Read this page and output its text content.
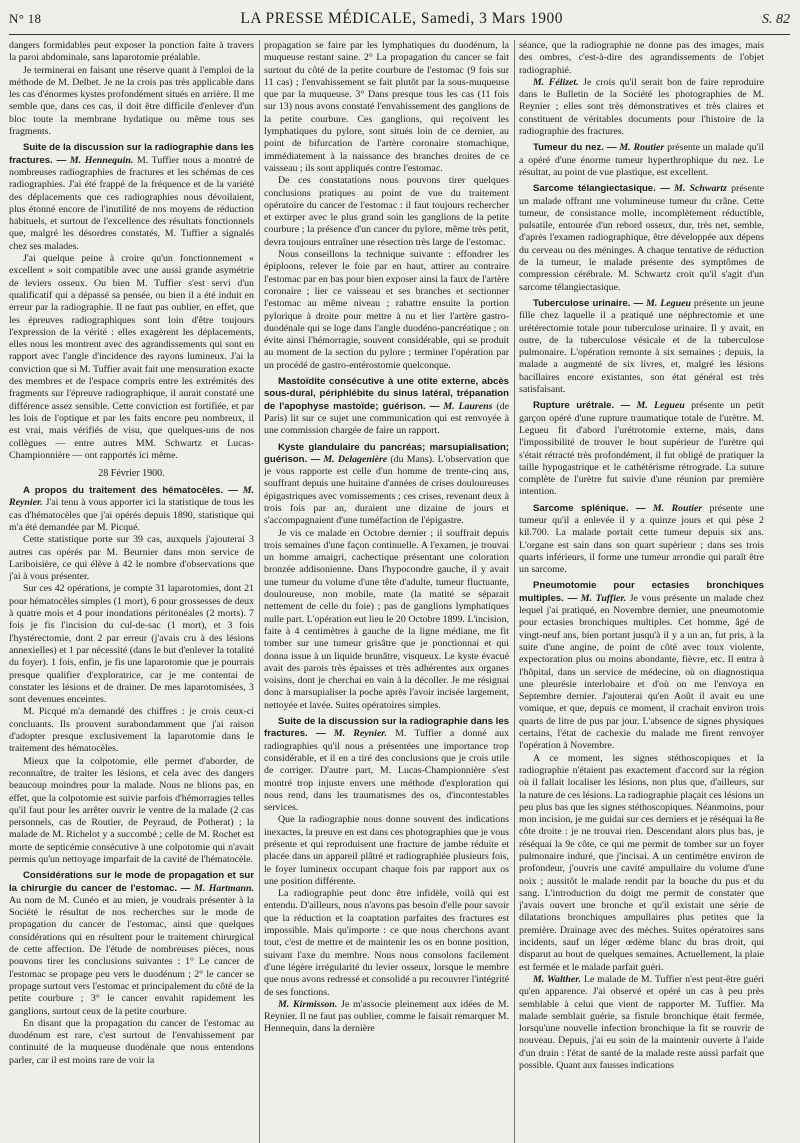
N° 18	LA PRESSE MÉDICALE, Samedi, 3 Mars 1900	S. 82

dangers formidables peut exposer la ponction faite à travers la paroi abdominale, sans laparotomie préalable.

Je terminerai en faisant une réserve quant à l'emploi de la méthode de M. Delbet. Je ne la crois pas très applicable dans les cas d'énormes kystes profondément situés en arrière. Il me semble que, dans ces cas, il doit être difficile d'enlever d'un bloc toute la membrane hydatique ou même tous ses fragments.

Suite de la discussion sur la radiographie dans les fractures. — M. Hennequin. M. Tuffier nous a montré de nombreuses radiographies de fractures et les schémas de ces radiographies. J'ai été frappé de la fréquence et de la variété des déplacements que ces radiographies nous dévoilaient, plus étonné encore de l'inutilité de nos moyens de réduction habituels, et surtout de l'excellence des résultats fonctionnels que, malgré les désordres constatés, M. Tuffier a signalés chez ses malades.

J'ai quelque peine à croire qu'un fonctionnement « excellent » soit compatible avec une aussi grande asymétrie de leviers osseux. Ou bien M. Tuffier s'est servi d'un qualificatif qui a dépassé sa pensée, ou bien il a été induit en erreur par la radiographie. Il ne faut pas oublier, en effet, que les épreuves radiographiques sont loin d'être toujours l'expression de la vérité : elles exagèrent les déplacements, elles nous les montrent avec des agrandissements qui sont en rapport avec l'angle d'incidence des rayons lumineux. J'ai la conviction que si M. Tuffier avait fait une mensuration exacte des membres et de l'espace compris entre les extrémités des fragments sur l'épreuve radiographique, il aurait constaté une différence assez sensible. Cette conviction est fortifiée, et par les lois de l'optique et par les faits encore peu nombreux, il est vrai, mais vérifiés de visu, que quelques-uns de nos collègues — entre autres MM. Schwartz et Lucas-Championnière — ont rapportés ici même.

28 Février 1900.

A propos du traitement des hématocèles. — M. Reynier. J'ai tenu à vous apporter ici la statistique de tous les cas d'hématocèles que j'ai opérés depuis 1890, statistique qui m'a été demandée par M. Picqué.

Cette statistique porte sur 39 cas, auxquels j'ajouterai 3 autres cas opérés par M. Beurnier dans mon service de Lariboisière, ce qui élève à 42 le nombre d'observations que j'ai à vous présenter.

Sur ces 42 opérations, je compte 31 laparotomies, dont 21 pour hématocèles simples (1 mort), 6 pour grossesses de deux à quatre mois et 4 pour inondations péritonéales (2 morts). 7 fois je fis l'incision du cul-de-sac (1 mort), et 3 fois l'hystérectomie, dont 2 par erreur (j'avais cru à des lésions annexielles) et 1 par nécessité (dans le but d'enlever la totalité du foyer). 1 fois, enfin, je fis une laparotomie que je pourrais presque qualifier d'exploratrice, car je me contentai de constater les lésions et de drainer. De mes laparotomisées, 3 sont devenues enceintes.

M. Picqué m'a demandé des chiffres : je crois ceux-ci concluants. Ils prouvent surabondamment que j'ai raison d'adopter presque exclusivement la laparotomie dans le traitement des hématocèles.

Mieux que la colpotomie, elle permet d'aborder, de reconnaître, de traiter les lésions, et cela avec des dangers beaucoup moindres pour la malade. Nous ne blions pas, en effet, que la colpotomie est suivie parfois d'hémorragies telles qu'il faut pour les arrêter ouvrir le ventre de la malade (2 cas personnels, cas de Routier, de Peyraud, de Potherat) ; la malade de M. Richelot y a succombé ; celle de M. Rochet est morte de septicémie consécutive à une colpotomie qui n'avait permis qu'un nettoyage imparfait de la cavité de l'hématocèle.

Considérations sur le mode de propagation et sur la chirurgie du cancer de l'estomac. — M. Hartmann. Au nom de M. Cunéo et au mien, je voudrais présenter à la Société le résultat de nos recherches sur le mode de propagation du cancer de l'estomac, ainsi que quelques considérations qui en résultent pour le traitement chirurgical de cette affection. De l'étude de nombreuses pièces, nous pouvons tirer les conclusions suivantes : 1° Le cancer de l'estomac se propage peu vers le duodénum ; 2° le cancer se propage surtout vers l'estomac et principalement du côté de la petite courbure ; 3° le cancer envahit rapidement les ganglions, surtout ceux de la petite courbure.

En disant que la propagation du cancer de l'estomac au duodénum est rare, c'est surtout de l'envahissement par continuité de la muqueuse duodénale que nous entendons parler, car il est moins rare de voir la

propagation se faire par les lymphatiques du duodénum, la muqueuse restant saine. 2° La propagation du cancer se fait surtout du côté de la petite courbure de l'estomac (9 fois sur 11 cas) ; l'envahissement se fait plutôt par la sous-muqueuse que par la muqueuse. 3° Dans presque tous les cas (11 fois sur 13) nous avons constaté l'envahissement des ganglions de la petite courbure. Ces ganglions, qui reçoivent les lymphatiques du pylore, sont situés loin de ce dernier, au point de bifurcation de l'artère coronaire stomachique, immédiatement à la naissance des branches droites de ce vaisseau ; ils sont appliqués contre l'estomac.

De ces constatations nous pouvons tirer quelques conclusions pratiques au point de vue du traitement opératoire du cancer de l'estomac : il faut toujours rechercher et extirper avec le plus grand soin les ganglions de la petite courbure ; la présence d'un cancer du pylore, même très petit, devra toujours entraîner une résection très large de l'estomac.

Nous conseillons la technique suivante : effondrer les épiploons, relever le foie par en haut, attirer au contraire l'estomac par en bas pour bien exposer ainsi la faux de l'artère coronaire ; lier ce vaisseau et ses branches et sectionner l'estomac au même niveau ; rabattre ensuite la portion pylorique à droite pour mettre à nu et lier l'artère gastro-duodénale qui se loge dans l'angle duodéno-pancréatique ; on évite ainsi l'hémorragie, souvent considérable, qui se produit au moment de la section du pylore ; terminer l'opération par un procédé de gastro-entérostomie quelconque.

Mastoïdite consécutive à une otite externe, abcès sous-dural, périphlébite du sinus latéral, trépanation de l'apophyse mastoïde; guérison. — M. Laurens (de Paris) lit sur ce sujet une communication qui est renvoyée à une commission chargée de faire un rapport.

Kyste glandulaire du pancréas; marsupialisation; guérison. — M. Delagenière (du Mans). L'observation que je vous rapporte est celle d'un homme de trente-cinq ans, souffrant depuis une huitaine d'années de crises douloureuses épigastriques avec vomissements ; ces crises, revenant deux à trois fois par an, duraient une dizaine de jours et s'accompagnaient d'une tuméfaction de l'épigastre.

Je vis ce malade en Octobre dernier ; il souffrait depuis trois semaines d'une façon continuelle. A l'examen, je trouvai un homme amaigri, cachectique présentant une coloration bronzée addisonienne. Dans l'hypocondre gauche, il y avait une tumeur du volume d'une tête d'adulte, tumeur fluctuante, douloureuse, non mobile, mate (la matité se séparait nettement de celle du foie) ; pas de ganglions lymphatiques nulle part. L'opération eut lieu le 20 Octobre 1899. L'incision, faite à 4 centimètres à gauche de la ligne médiane, me fit tomber sur une tumeur grisâtre que je ponctionnai et qui donna issue à un liquide brunâtre, visqueux. Le kyste évacué avait des parois très épaisses et très adhérentes aux organes voisins, dont je cherchai en vain à la décoller. Je me résignai donc à marsupialiser la poche après l'avoir incisée largement, nettoyée et lavée. Suites opératoires simples.

Suite de la discussion sur la radiographie dans les fractures. — M. Reynier. M. Tuffier a donné aux radiographies qu'il nous a présentées une importance trop considérable, et il en a tiré des conclusions que je crois utile de corriger. D'autre part, M. Lucas-Championnière s'est montré trop injuste envers une méthode d'exploration qui nous rend, dans les traumatismes des os, d'incontestables services.

Que la radiographie nous donne souvent des indications inexactes, la preuve en est dans ces photographies que je vous présente et qui reproduisent une fracture de jambe réduite et placée dans un appareil plâtré et radiographiée plusieurs fois, le foyer lumineux occupant chaque fois par rapport aux os une position différente.

La radiographie peut donc être infidèle, voilà qui est entendu. D'ailleurs, nous n'avons pas besoin d'elle pour savoir que la réduction et la coaptation parfaites des fractures est impossible. Mais qu'importe : ce que nous cherchons avant tout, c'est de mettre et de maintenir les os en bonne position, suivant l'axe du membre. Nous nous consolons facilement d'une légère irrégularité du levier osseux, lorsque le membre que nous avons redressé et consolidé a pu recouvrer l'intégrité de ses fonctions.

M. Kirmisson. Je m'associe pleinement aux idées de M. Reynier. Il ne faut pas oublier, comme le faisait remarquer M. Hennequin, dans la dernière

séance, que la radiographie ne donne pas des images, mais des ombres, c'est-à-dire des agrandissements de l'objet radiographié.

M. Félizet. Je crois qu'il serait bon de faire reproduire dans le Bulletin de la Société les photographies de M. Reynier ; elles sont très démonstratives et très claires et constituent de véritables documents pour l'histoire de la radiographie des fractures.

Tumeur du nez. — M. Routier présente un malade qu'il a opéré d'une énorme tumeur hyperthrophique du nez. Le résultat, au point de vue plastique, est excellent.

Sarcome télangiectasique. — M. Schwartz présente un malade offrant une volumineuse tumeur du crâne. Cette tumeur, de consistance molle, incomplètement réductible, pulsatile, entourée d'un rebord osseux, dur, très net, semble, d'après l'examen radiographique, être développée aux dépens du cerveau ou des méninges. A chaque tentative de réduction de la tumeur, le malade présente des symptômes de compression cérébrale. M. Schwartz croit qu'il s'agit d'un sarcome télangiectasique.

Tuberculose urinaire. — M. Legueu présente un jeune fille chez laquelle il a pratiqué une néphrectomie et une urétérectomie totale pour tuberculose urinaire. Il y avait, en outre, de la tuberculose vésicale et de la tuberculose pulmonaire. L'opération remonte à six semaines ; depuis, la malade a augmenté de six livres, et, malgré les lésions bacillaires encore existantes, son état général est très satisfaisant.

Rupture urétrale. — M. Legueu présente un petit garçon opéré d'une rupture traumatique totale de l'urètre. M. Legueu fit d'abord l'urétrotomie externe, mais, dans l'impossibilité de trouver le bout supérieur de l'urètre qui s'était rétracté très profondément, il fut obligé de pratiquer la taille hypogastrique et le cathétérisme rétrograde. La suture complète de l'urètre fut suivie d'une réunion par première intention.

Sarcome splénique. — M. Routier présente une tumeur qu'il a enlevée il y a quinze jours et qui pèse 2 kil.700. La malade portait cette tumeur depuis six ans. L'organe est sain dans son quart supérieur ; dans ses trois quarts inférieurs, il forme une tumeur arrondie qui paraît être un sarcome.

Pneumotomie pour ectasies bronchiques multiples. — M. Tuffier. Je vous présente un malade chez lequel j'ai pratiqué, en Novembre dernier, une pneumotomie pour ectasies bronchiques multiples. Cet homme, âgé de vingt-neuf ans, bien portant jusqu'à il y a un an, fut pris, à la suite d'une angine, de point de côté avec toux violente, expectoration plus ou moins abondante, fièvre, etc. Il entra à l'hôpital, dans un service de médecine, où on diagnostiqua une pleurésie interlobaire et d'où on me l'envoya en Septembre dernier. J'ajouterai qu'en Août il avait eu une vomique, et que, depuis ce moment, il crachait environ trois quarts de litre de pus par jour. L'absence de signes physiques certains, l'état de cachexie du malade me firent renvoyer l'opération à Novembre.

A ce moment, les signes stéthoscopiques et la radiographie n'étaient pas exactement d'accord sur la région où il fallait localiser les lésions, non plus que, d'ailleurs, sur la nature de ces lésions. La radiographie plaçait ces lésions un peu plus bas que les signes stéthoscopiques. Néanmoins, pour mon incision, je me guidai sur ces derniers et je réséquai la 8e côte droite : je ne trouvai rien. Descendant alors plus bas, je réséquai la 9e côte, ce qui me permit de tomber sur un foyer pulmonaire induré, que j'incisai. A un centimètre environ de profondeur, j'ouvris une cavité ampullaire du volume d'une noix ; aussitôt le malade rendit par la bouche du pus et du sang. L'introduction du doigt me permit de constater que j'avais ouvert une bronche et qu'il existait une série de dilatations bronchiques ampullaires plus petites que la première. Drainage avec des mèches. Suites opératoires sans incidents, sauf un léger œdème blanc du bras droit, qui disparut au bout de quelques semaines. Actuellement, la plaie est fermée et le malade parfait guéri.

M. Walther. Le malade de M. Tuffier n'est peut-être guéri qu'en apparence. J'ai observé et opéré un cas à peu près semblable à celui que vient de rapporter M. Tuffier. Ma malade semblait guérie, sa fistule bronchique était fermée, lorsqu'une nouvelle infection bronchique la fit se rouvrir de nouveau. Depuis, j'ai eu soin de la maintenir ouverte à l'aide d'un drain : l'état de santé de la malade reste aussi parfait que possible. Quant aux fausses indications
